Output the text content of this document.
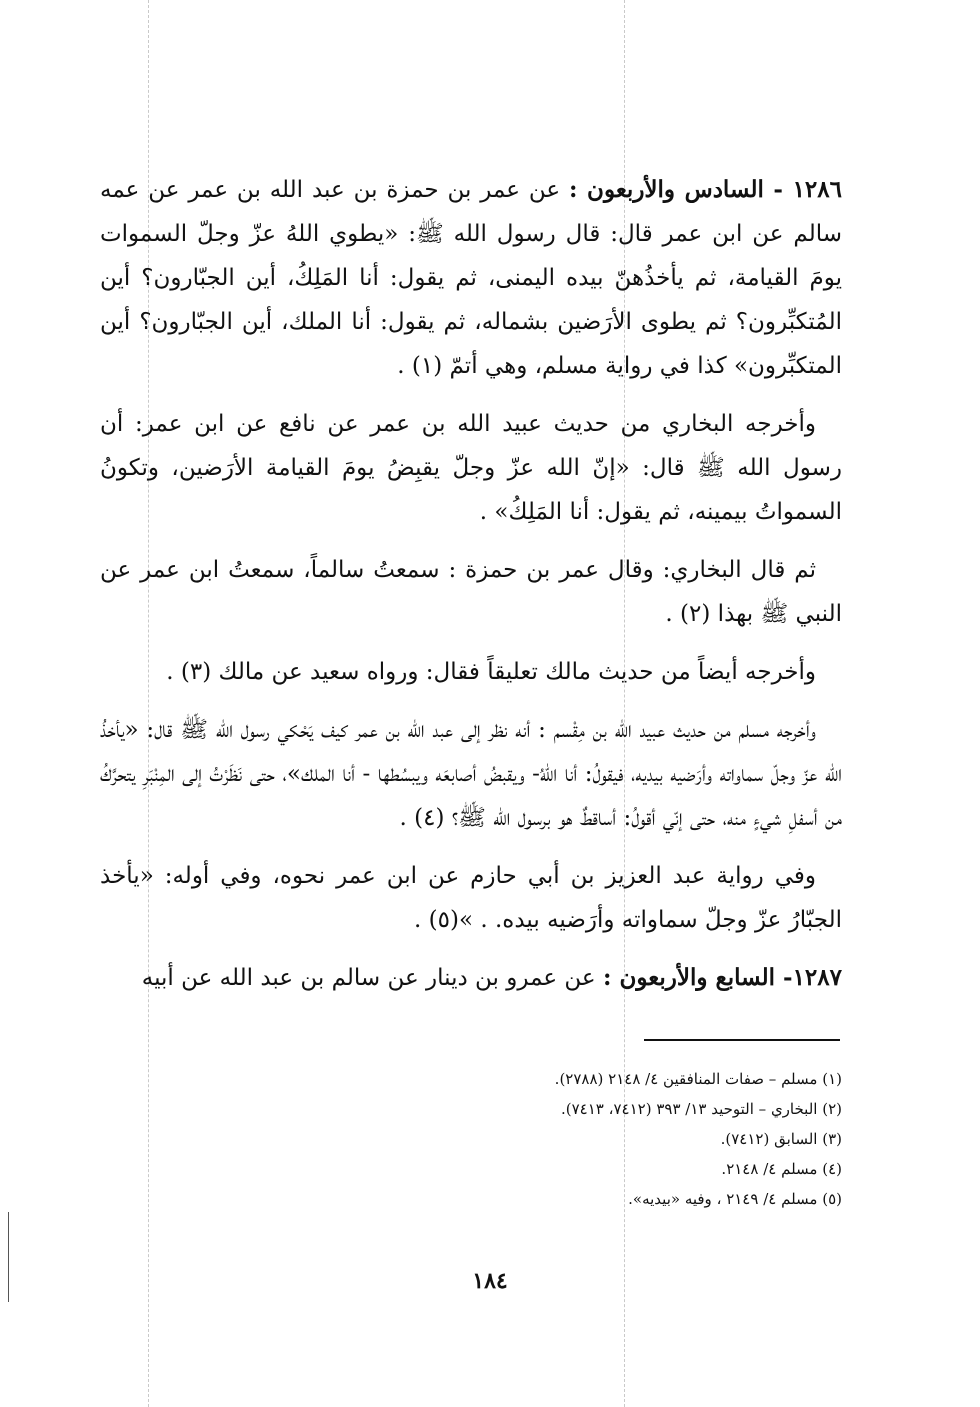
١٢٨٦ - السادس والأربعون : عن عمر بن حمزة بن عبد الله بن عمر عن عمه سالم عن ابن عمر قال: قال رسول الله ﷺ: «يطوي اللهُ عزّ وجلّ السموات يومَ القيامة، ثم يأخذُهنّ بيده اليمنى، ثم يقول: أنا المَلِكُ، أين الجبّارون؟ أين المُتكبِّرون؟ ثم يطوى الأرَضين بشماله، ثم يقول: أنا الملك، أين الجبّارون؟ أين المتكبِّرون» كذا في رواية مسلم، وهي أتمّ (١) .

وأخرجه البخاري من حديث عبيد الله بن عمر عن نافع عن ابن عمر: أن رسول الله ﷺ قال: «إنّ الله عزّ وجلّ يقبِضُ يومَ القيامة الأرَضين، وتكونُ السمواتُ بيمينه، ثم يقول: أنا المَلِكُ» .

ثم قال البخاري: وقال عمر بن حمزة : سمعتُ سالماً، سمعتُ ابن عمر عن النبي ﷺ بهذا (٢) .

وأخرجه أيضاً من حديث مالك تعليقاً فقال: ورواه سعيد عن مالك (٣) .

وأخرجه مسلم من حديث عبيد الله بن مِقْسم : أنه نظر إلى عبد الله بن عمر كيف يَحْكي رسول الله ﷺ قال: «يأخذُ الله عزّ وجلّ سماواته وأرَضيه بيديه، فيقولُ: أنا اللهُ- ويقبضُ أصابعَه ويبسُطها - أنا الملك»، حتى نَظَرْتُ إلى المِنْبَرِ يتحرَّكُ من أسفلِ شيءٍ منه، حتى إنّي أقولُ: أساقطٌ هو برسول الله ﷺ؟ (٤) .

وفي رواية عبد العزيز بن أبي حازم عن ابن عمر نحوه، وفي أوله: «يأخذ الجبّارُ عزّ وجلّ سماواته وأرَضيه بيده. . »(٥) .

١٢٨٧- السابع والأربعون : عن عمرو بن دينار عن سالم بن عبد الله عن أبيه

(١) مسلم – صفات المنافقين ٤/ ٢١٤٨ (٢٧٨٨).

(٢) البخاري – التوحيد ١٣/ ٣٩٣ (٧٤١٢، ٧٤١٣).

(٣) السابق (٧٤١٢).

(٤) مسلم ٤/ ٢١٤٨.

(٥) مسلم ٤/ ٢١٤٩ ، وفيه «بيديه».

١٨٤
